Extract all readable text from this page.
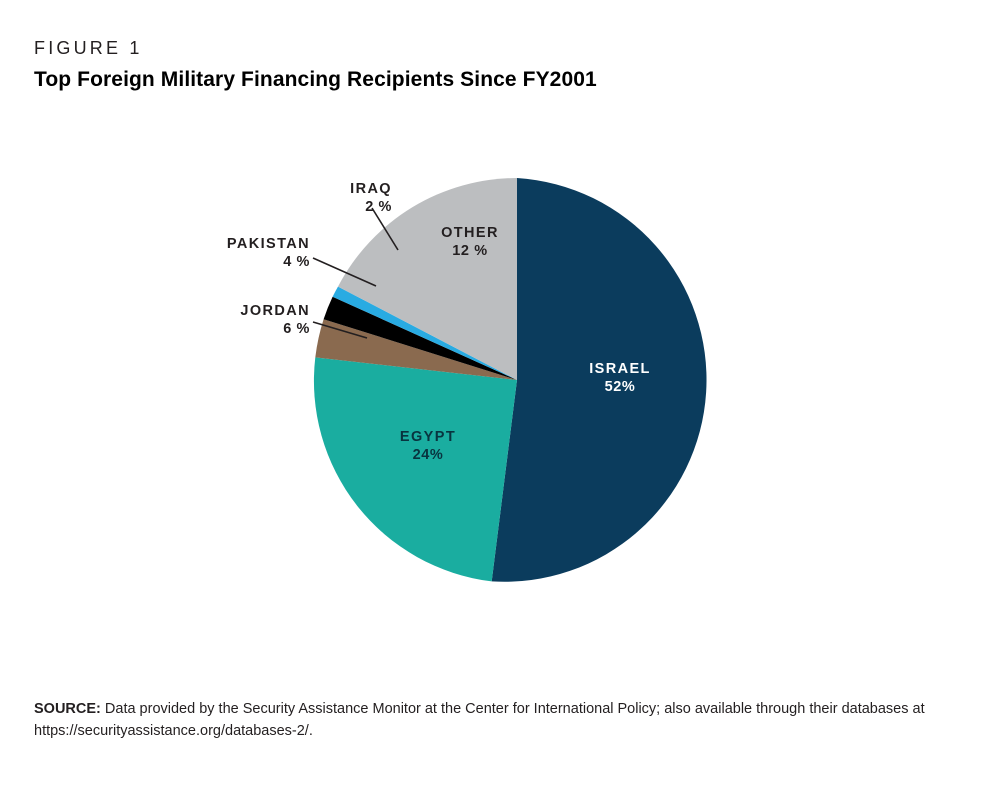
FIGURE 1
Top Foreign Military Financing Recipients Since FY2001
ISRAEL
52%
EGYPT
24%
OTHER
12 %
JORDAN
6 %
PAKISTAN
4 %
IRAQ
2 %
SOURCE: Data provided by the Security Assistance Monitor at the Center for International Policy; also available through their databases at https://securityassistance.org/databases-2/.
